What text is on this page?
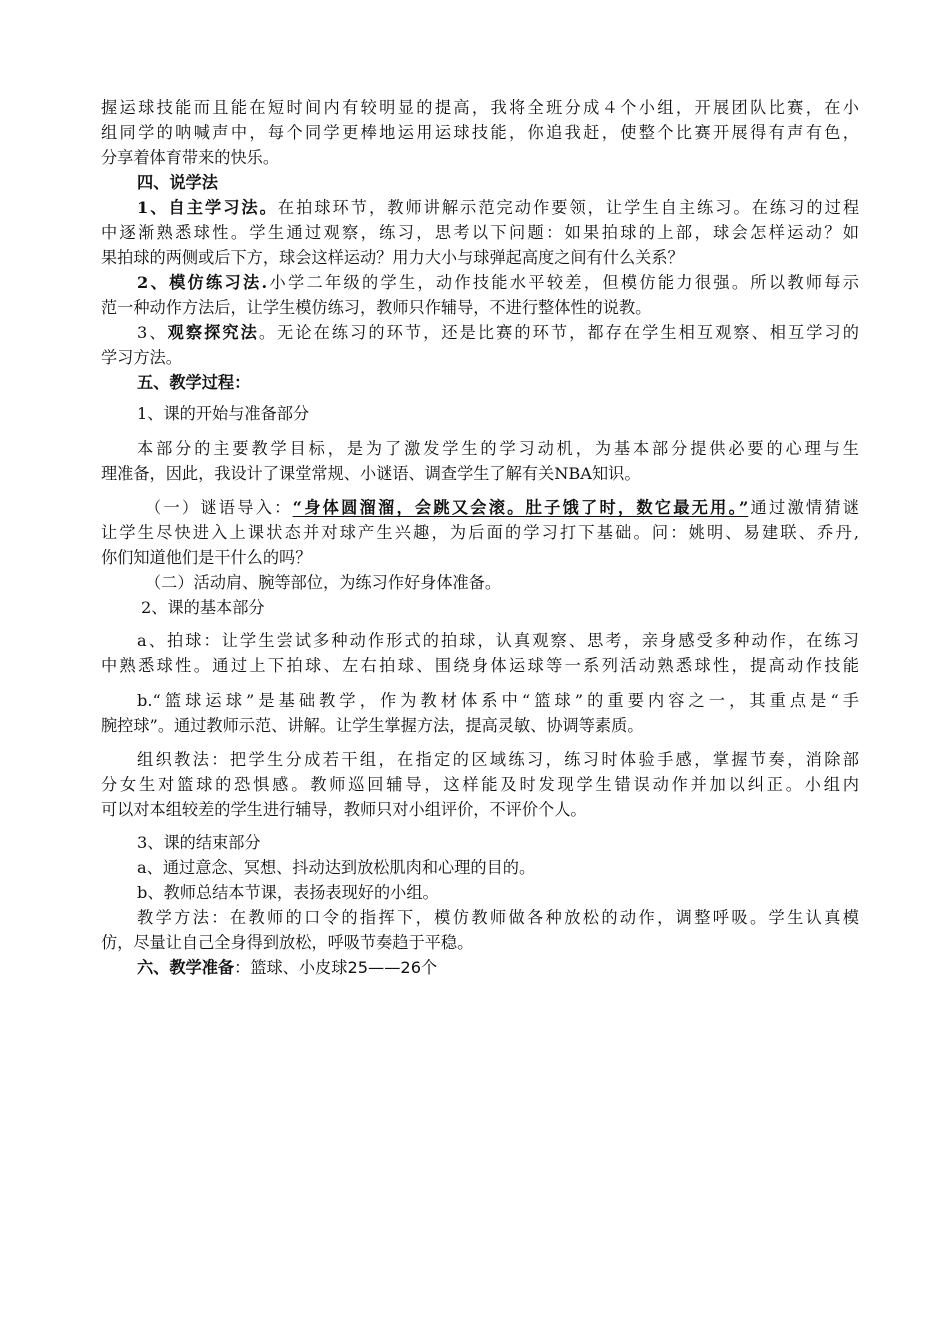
握运球技能而且能在短时间内有较明显的提高，我将全班分成４个小组，开展团队比赛，在小
组同学的呐喊声中，每个同学更棒地运用运球技能，你追我赶，使整个比赛开展得有声有色，
分享着体育带来的快乐。
四、说学法
1、自主学习法。在拍球环节，教师讲解示范完动作要领，让学生自主练习。在练习的过程
中逐渐熟悉球性。学生通过观察，练习，思考以下问题：如果拍球的上部，球会怎样运动？如
果拍球的两侧或后下方，球会这样运动？用力大小与球弹起高度之间有什么关系？
2、模仿练习法.小学二年级的学生，动作技能水平较差，但模仿能力很强。所以教师每示
范一种动作方法后，让学生模仿练习，教师只作辅导，不进行整体性的说教。
3、观察探究法。无论在练习的环节，还是比赛的环节，都存在学生相互观察、相互学习的
学习方法。
五、教学过程：
1、课的开始与准备部分
本部分的主要教学目标，是为了激发学生的学习动机，为基本部分提供必要的心理与生
理准备，因此，我设计了课堂常规、小谜语、调查学生了解有关NBA知识。
（一）谜语导入：“身体圆溜溜，会跳又会滚。肚子饿了时，数它最无用。”通过激情猜谜
让学生尽快进入上课状态并对球产生兴趣，为后面的学习打下基础。问：姚明、易建联、乔丹,
你们知道他们是干什么的吗？
（二）活动肩、腕等部位，为练习作好身体准备。
2、课的基本部分
a、拍球：让学生尝试多种动作形式的拍球，认真观察、思考，亲身感受多种动作，在练习
中熟悉球性。通过上下拍球、左右拍球、围绕身体运球等一系列活动熟悉球性，提高动作技能
b.“篮球运球”是基础教学，作为教材体系中“篮球”的重要内容之一，其重点是“手
腕控球”。通过教师示范、讲解。让学生掌握方法，提高灵敏、协调等素质。
组织教法：把学生分成若干组，在指定的区域练习，练习时体验手感，掌握节奏，消除部
分女生对篮球的恐惧感。教师巡回辅导，这样能及时发现学生错误动作并加以纠正。小组内
可以对本组较差的学生进行辅导，教师只对小组评价，不评价个人。
3、课的结束部分
a、通过意念、冥想、抖动达到放松肌肉和心理的目的。
b、教师总结本节课，表扬表现好的小组。
教学方法：在教师的口令的指挥下，模仿教师做各种放松的动作，调整呼吸。学生认真模
仿，尽量让自己全身得到放松，呼吸节奏趋于平稳。
六、教学准备：篮球、小皮球25——26个
